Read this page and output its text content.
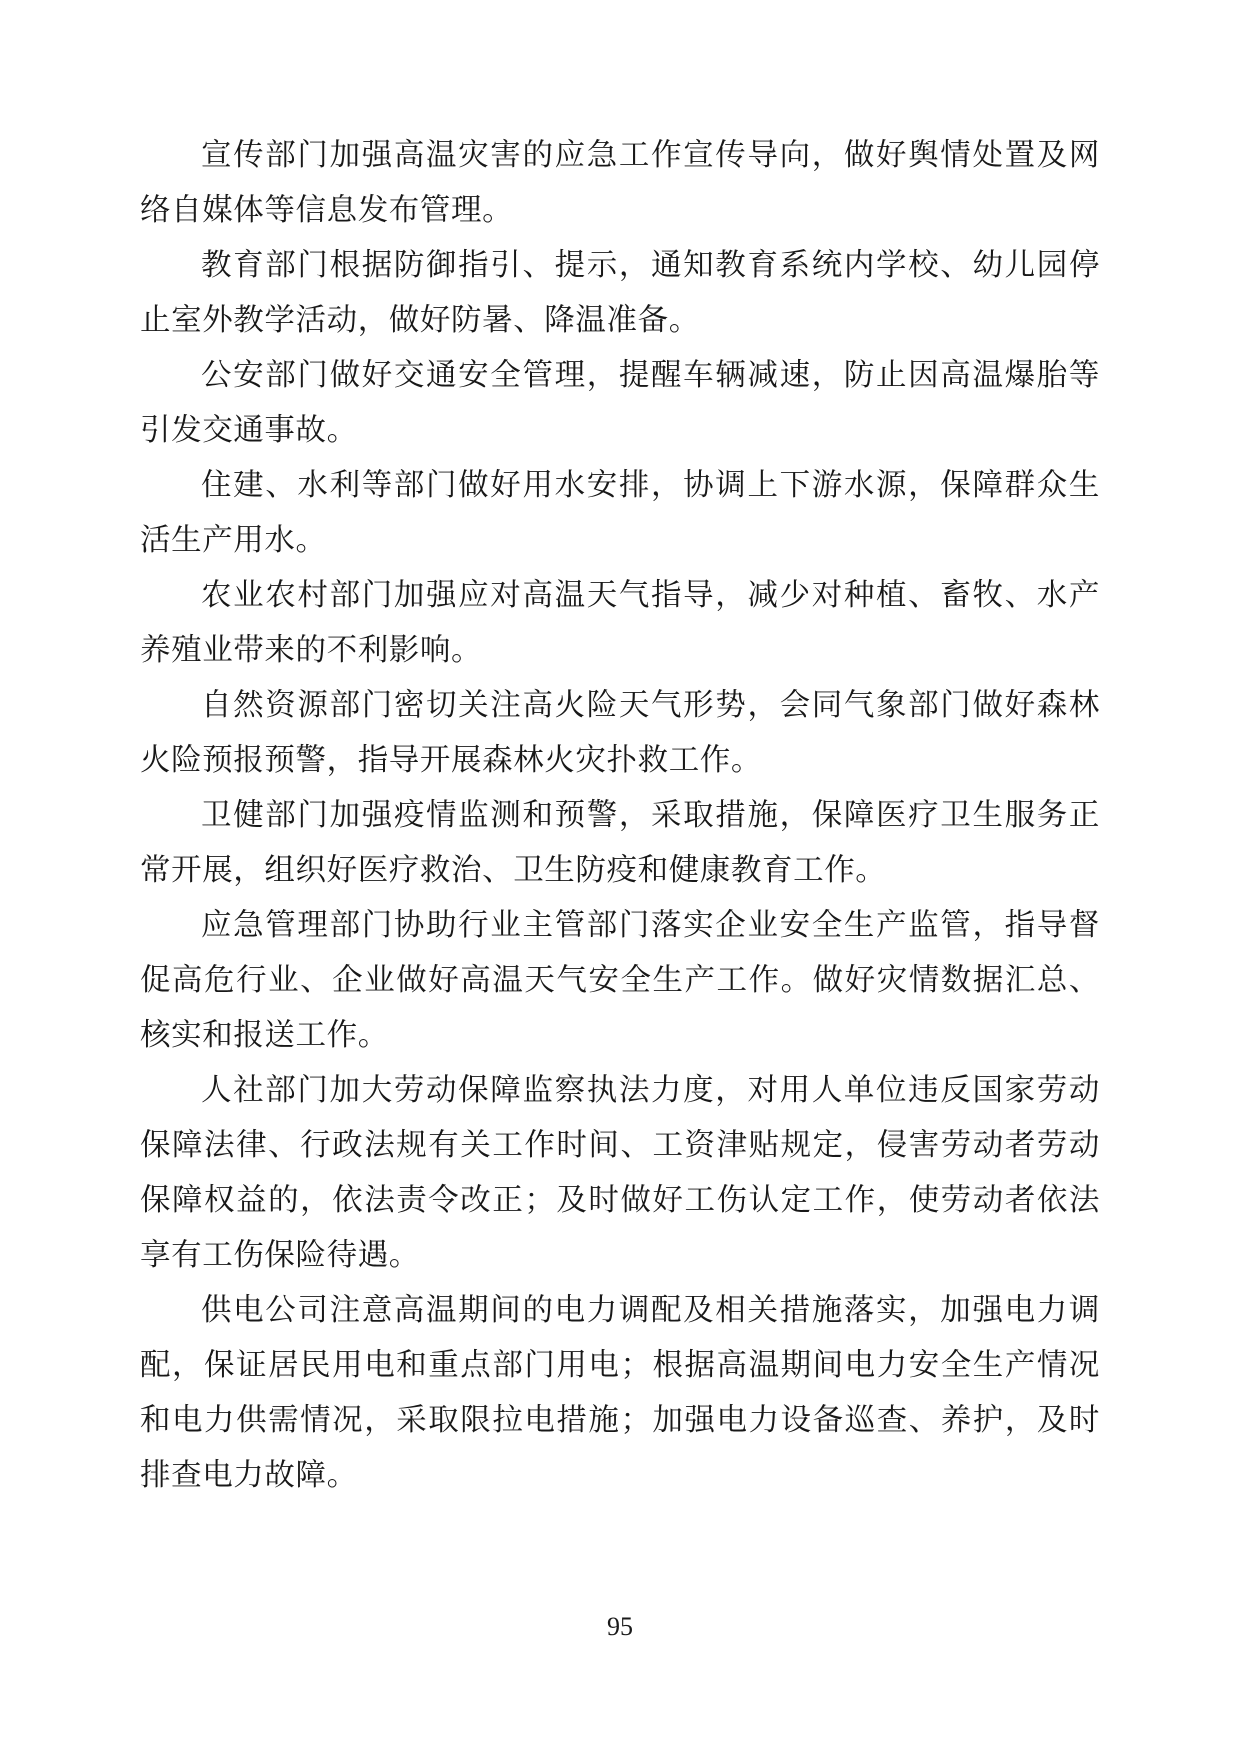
宣传部门加强高温灾害的应急工作宣传导向，做好舆情处置及网络自媒体等信息发布管理。

教育部门根据防御指引、提示，通知教育系统内学校、幼儿园停止室外教学活动，做好防暑、降温准备。

公安部门做好交通安全管理，提醒车辆减速，防止因高温爆胎等引发交通事故。

住建、水利等部门做好用水安排，协调上下游水源，保障群众生活生产用水。

农业农村部门加强应对高温天气指导，减少对种植、畜牧、水产养殖业带来的不利影响。

自然资源部门密切关注高火险天气形势，会同气象部门做好森林火险预报预警，指导开展森林火灾扑救工作。

卫健部门加强疫情监测和预警，采取措施，保障医疗卫生服务正常开展，组织好医疗救治、卫生防疫和健康教育工作。

应急管理部门协助行业主管部门落实企业安全生产监管，指导督促高危行业、企业做好高温天气安全生产工作。做好灾情数据汇总、核实和报送工作。

人社部门加大劳动保障监察执法力度，对用人单位违反国家劳动保障法律、行政法规有关工作时间、工资津贴规定，侵害劳动者劳动保障权益的，依法责令改正；及时做好工伤认定工作，使劳动者依法享有工伤保险待遇。

供电公司注意高温期间的电力调配及相关措施落实，加强电力调配，保证居民用电和重点部门用电；根据高温期间电力安全生产情况和电力供需情况，采取限拉电措施；加强电力设备巡查、养护，及时排查电力故障。

95
